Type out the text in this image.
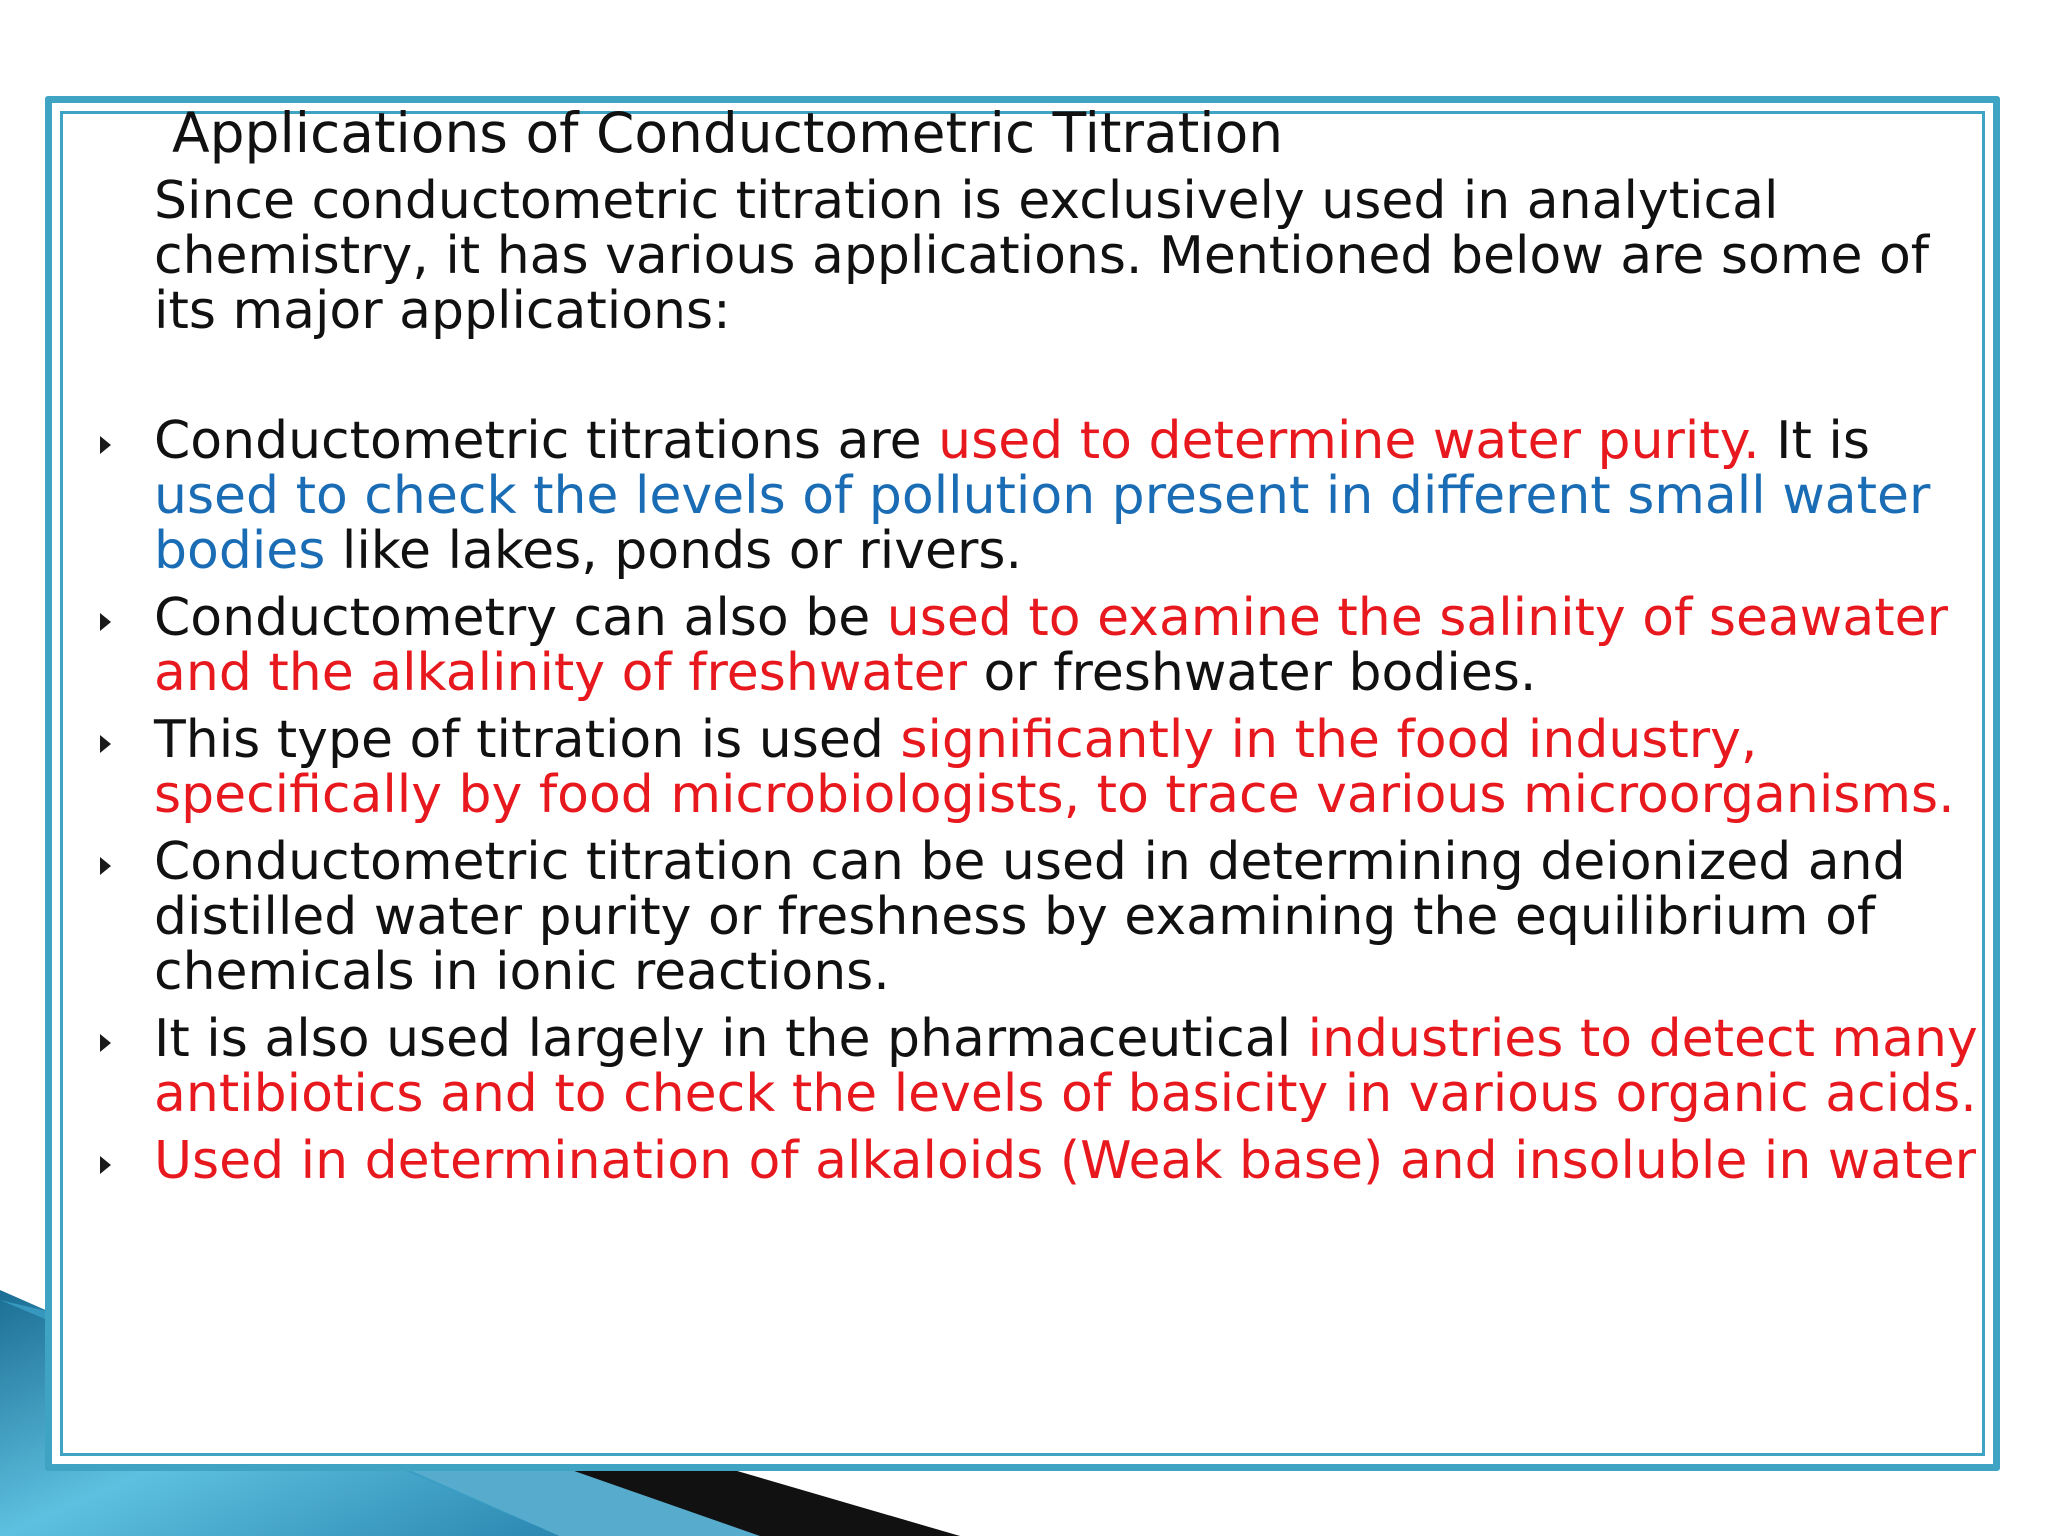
Applications of Conductometric Titration

Since conductometric titration is exclusively used in analytical chemistry, it has various applications. Mentioned below are some of its major applications:

Conductometric titrations are used to determine water purity. It is used to check the levels of pollution present in different small water bodies like lakes, ponds or rivers.
Conductometry can also be used to examine the salinity of seawater and the alkalinity of freshwater or freshwater bodies.
This type of titration is used significantly in the food industry, specifically by food microbiologists, to trace various microorganisms.
Conductometric titration can be used in determining deionized and distilled water purity or freshness by examining the equilibrium of chemicals in ionic reactions.
It is also used largely in the pharmaceutical industries to detect many antibiotics and to check the levels of basicity in various organic acids.
Used in determination of alkaloids (Weak base) and insoluble in water
